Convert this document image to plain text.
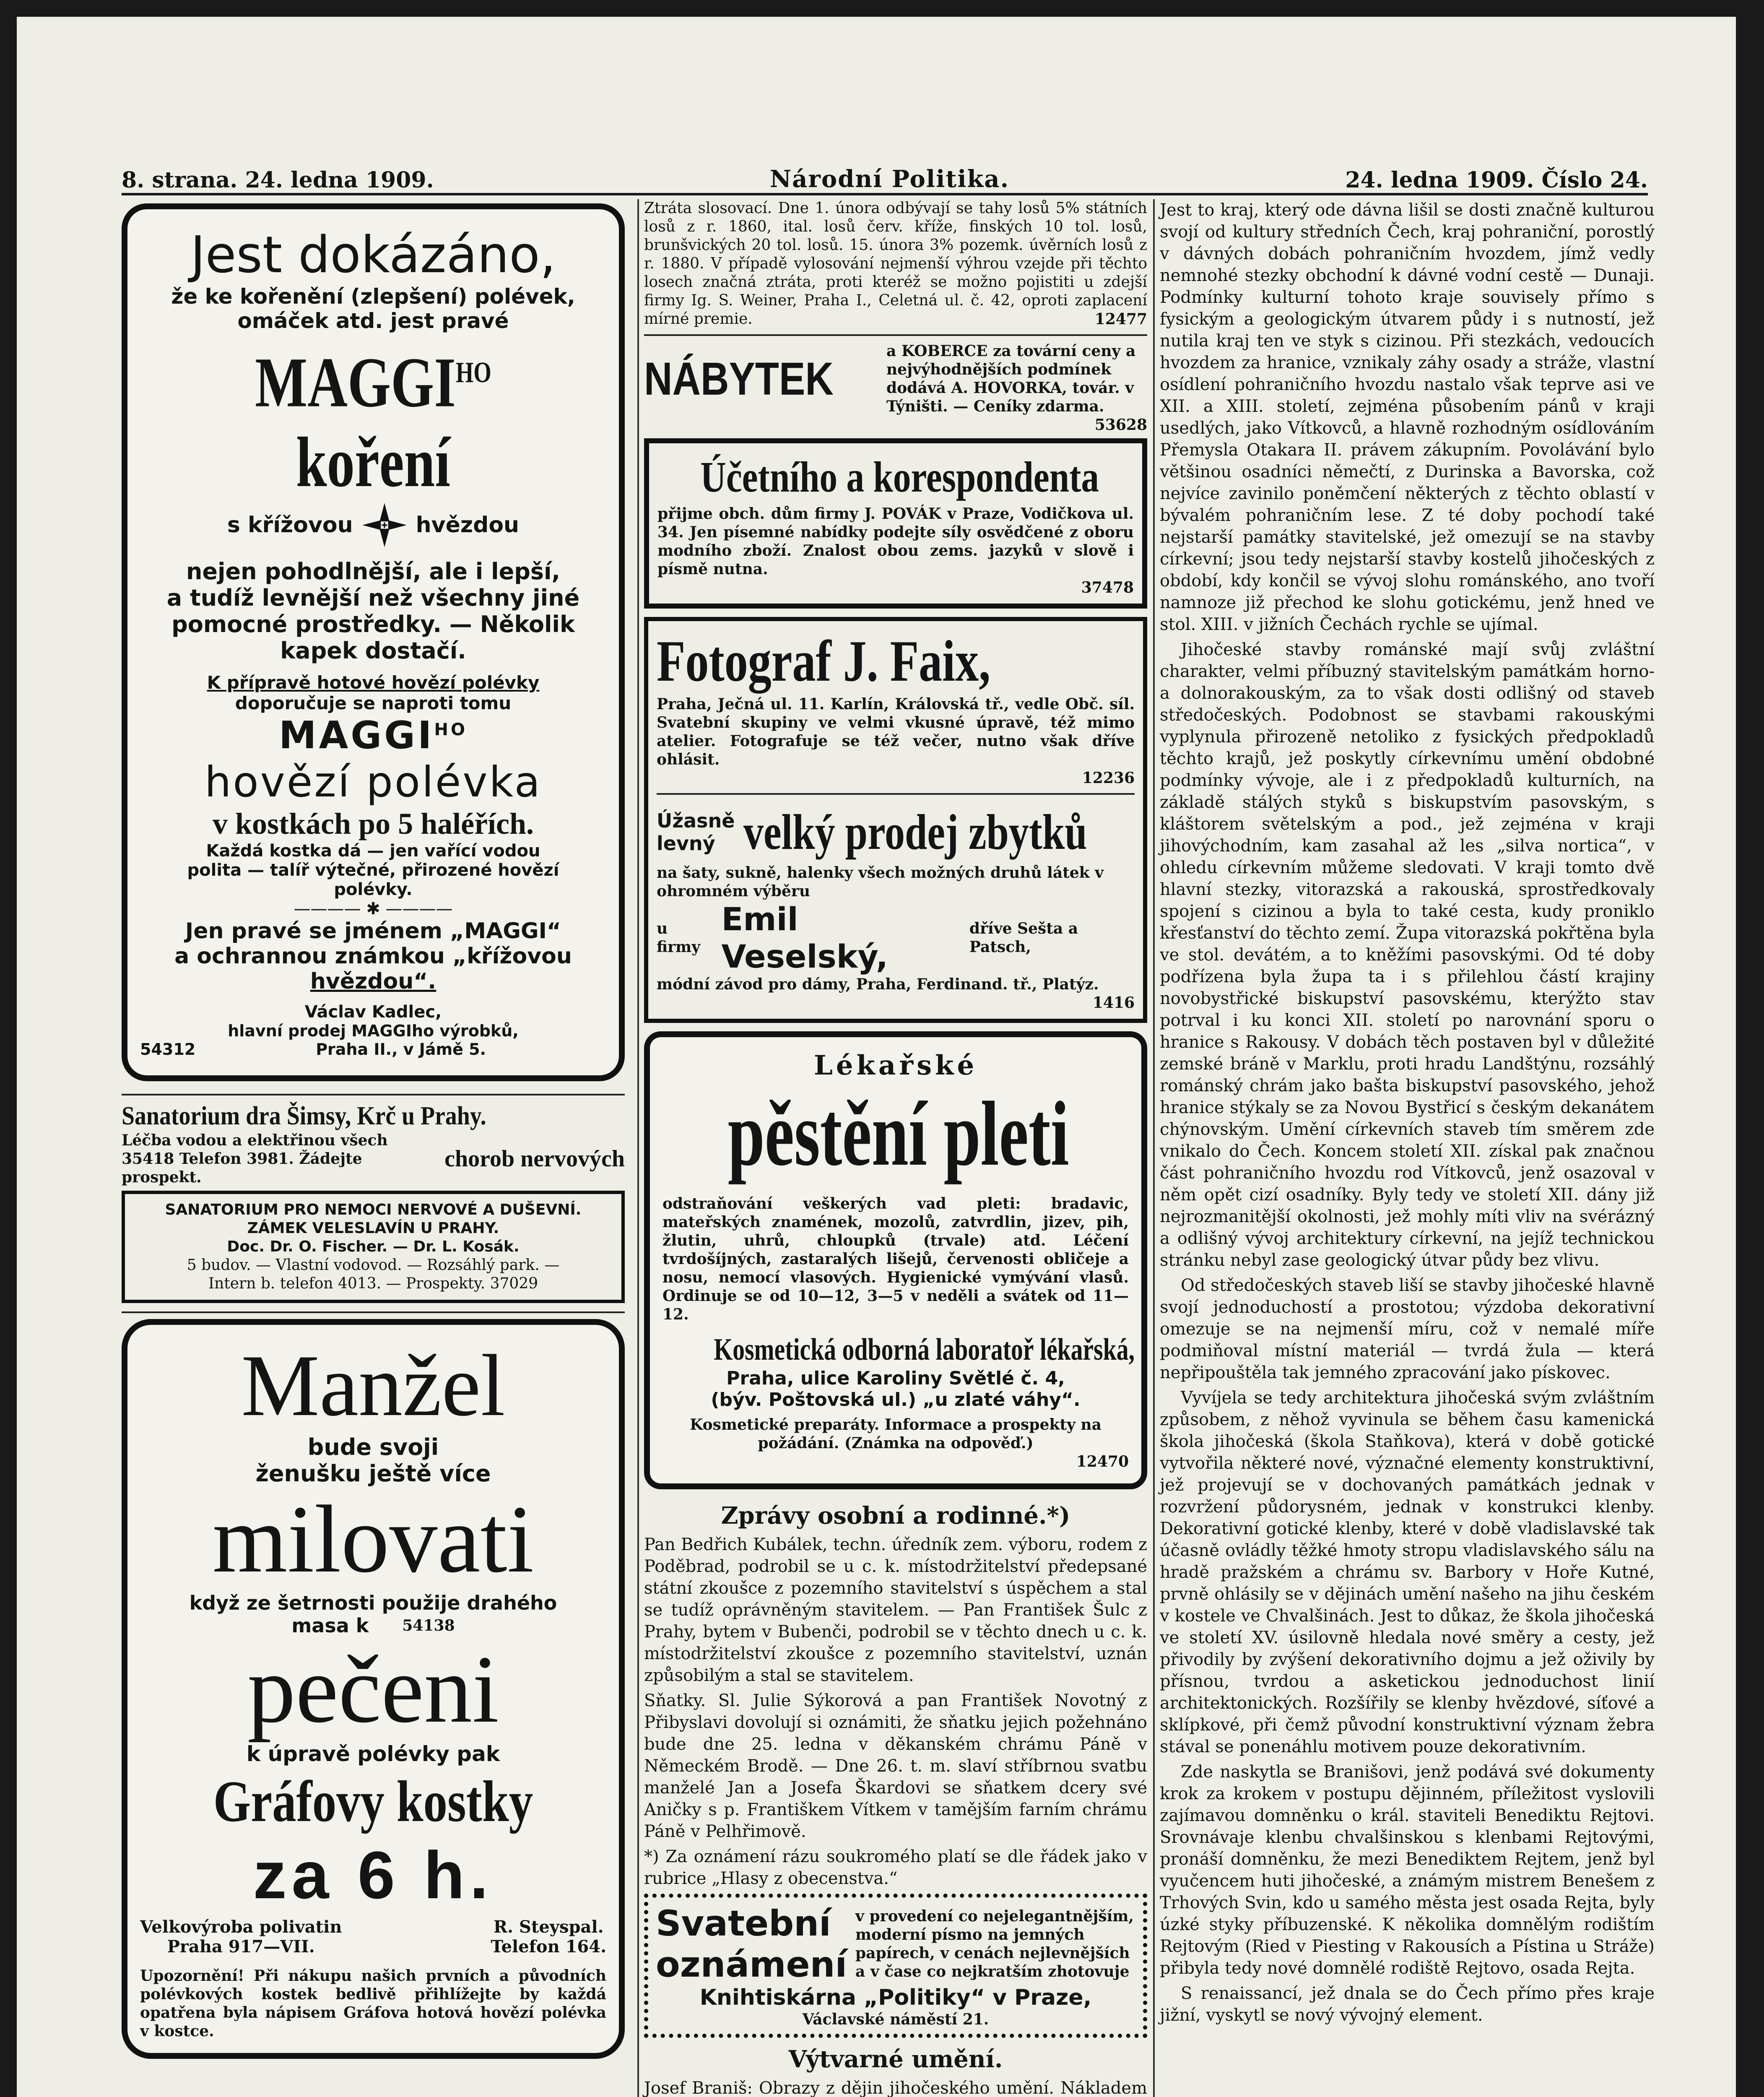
8. strana. 24. ledna 1909.	Národní Politika.	24. ledna 1909. Číslo 24.
Jest dokázáno,
že ke kořenění (zlepšení) polévek,
omáček atd. jest pravé
$MAGGI^{HO}$ koření
s křížovou	hvězdou
nejen pohodlnější, ale i lepší,
a tudíž levnější než všechny jiné
pomocné prostředky. — Několik
kapek dostačí.
K přípravě hotové hovězí polévky
doporučuje se naproti tomu
$MAGGI^{HO}$
hovězí polévka
v kostkách po 5 haléřích.
Každá kostka dá — jen vařící vodou
polita — talíř výtečné, přirozené hovězí
polévky.
———— ✱ ————
Jen pravé se jménem „MAGGI“
a ochrannou známkou „křížovou
hvězdou“.
Václav Kadlec,
hlavní prodej MAGGIho výrobků,
54312	Praha II., v Jámě 5.
Sanatorium dra Šimsy, Krč u Prahy.
Léčba vodou a elektřinou všech
35418 Telefon 3981. Žádejte prospekt.
chorob nervových
SANATORIUM PRO NEMOCI NERVOVÉ A DUŠEVNÍ. ZÁMEK VELESLAVÍN U PRAHY.
Doc. Dr. O. Fischer. — Dr. L. Kosák.
5 budov. — Vlastní vodovod. — Rozsáhlý park. —
Intern b. telefon 4013. — Prospekty. 37029
Manžel
bude svoji
ženušku ještě více
milovati
když ze šetrnosti použije drahého
masa k 54138
pečeni
k úpravě polévky pak
Gráfovy kostky
za 6 h.
Velkovýroba polivatin
Praha 917—VII.
R. Steyspal.
Telefon 164.
Upozornění! Při nákupu našich prvních a původních polévkových kostek bedlivě přihlížejte by každá opatřena byla nápisem Gráfova hotová hovězí polévka v kostce.
Ztráta slosovací. Dne 1. února odbývají se tahy losů 5% státních losů z r. 1860, ital. losů červ. kříže, finských 10 tol. losů, brunšvických 20 tol. losů. 15. února 3% pozemk. úvěrních losů z r. 1880. V případě vylosování nejmenší výhrou vzejde při těchto losech značná ztráta, proti kteréž se možno pojistiti u zdejší firmy Ig. S. Weiner, Praha I., Celetná ul. č. 42, oproti zaplacení mírné premie.	12477
NÁBYTEK
a KOBERCE za tovární ceny a nejvýhodnějších podmínek dodává A. HOVORKA, továr. v Týništi. — Ceníky zdarma.
53628
Účetního a korespondenta
přijme obch. dům firmy J. POVÁK v Praze, Vodičkova ul. 34. Jen písemné nabídky podejte síly osvědčené z oboru modního zboží. Znalost obou zems. jazyků v slově i písmě nutna.
37478
Fotograf J. Faix,
Praha, Ječná ul. 11. Karlín, Královská tř., vedle Obč. síl. Svatební skupiny ve velmi vkusné úpravě, též mimo atelier. Fotografuje se též večer, nutno však dříve ohlásit.
12236
Úžasně levný velký prodej zbytků
na šaty, sukně, halenky všech možných druhů látek v ohromném výběru
u firmy
Emil Veselský,
dříve Sešta a Patsch,
módní závod pro dámy, Praha, Ferdinand. tř., Platýz.
1416
Lékařské
pěstění pleti
odstraňování veškerých vad pleti: bradavic, mateřských znamének, mozolů, zatvrdlin, jizev, pih, žlutin, uhrů, chloupků (trvale) atd. Léčení tvrdošíjných, zastaralých lišejů, červenosti obličeje a nosu, nemocí vlasových. Hygienické vymývání vlasů. Ordinuje se od 10—12, 3—5 v neděli a svátek od 11—12.
Kosmetická odborná laboratoř lékařská,
Praha, ulice Karoliny Světlé č. 4,
(býv. Poštovská ul.) „u zlaté váhy“.
Kosmetické preparáty. Informace a prospekty na požádání. (Známka na odpověď.)
12470
Zprávy osobní a rodinné.*)
Pan Bedřich Kubálek, techn. úředník zem. výboru, rodem z Poděbrad, podrobil se u c. k. místodržitelství předepsané státní zkoušce z pozemního stavitelství s úspěchem a stal se tudíž oprávněným stavitelem. — Pan František Šulc z Prahy, bytem v Bubenči, podrobil se v těchto dnech u c. k. místodržitelství zkoušce z pozemního stavitelství, uznán způsobilým a stal se stavitelem.
Sňatky. Sl. Julie Sýkorová a pan František Novotný z Přibyslavi dovolují si oznámiti, že sňatku jejich požehnáno bude dne 25. ledna v děkanském chrámu Páně v Německém Brodě. — Dne 26. t. m. slaví stříbrnou svatbu manželé Jan a Josefa Škardovi se sňatkem dcery své Aničky s p. Františkem Vítkem v tamějším farním chrámu Páně v Pelhřimově.
*) Za oznámení rázu soukromého platí se dle řádek jako v rubrice „Hlasy z obecenstva.“
Svatební
oznámení
v provedení co nejelegantnějším, moderní písmo na jemných papírech, v cenách nejlevnějších a v čase co nejkratším zhotovuje
Knihtiskárna „Politiky“ v Praze,
Václavské náměstí 21.
Výtvarné umění.
Josef Braniš: Obrazy z dějin jihočeského umění. Nákladem
Jest to kraj, který ode dávna lišil se dosti značně kulturou svojí od kultury středních Čech, kraj pohraniční, porostlý v dávných dobách pohraničním hvozdem, jímž vedly nemnohé stezky obchodní k dávné vodní cestě — Dunaji. Podmínky kulturní tohoto kraje souvisely přímo s fysickým a geologickým útvarem půdy i s nutností, jež nutila kraj ten ve styk s cizinou. Při stezkách, vedoucích hvozdem za hranice, vznikaly záhy osady a stráže, vlastní osídlení pohraničního hvozdu nastalo však teprve asi ve XII. a XIII. století, zejména působením pánů v kraji usedlých, jako Vítkovců, a hlavně rozhodným osídlováním Přemysla Otakara II. právem zákupním. Povolávání bylo většinou osadníci němečtí, z Durinska a Bavorska, což nejvíce zavinilo poněmčení některých z těchto oblastí v bývalém pohraničním lese. Z té doby pochodí také nejstarší památky stavitelské, jež omezují se na stavby církevní; jsou tedy nejstarší stavby kostelů jihočeských z období, kdy končil se vývoj slohu románského, ano tvoří namnoze již přechod ke slohu gotickému, jenž hned ve stol. XIII. v jižních Čechách rychle se ujímal.
Jihočeské stavby románské mají svůj zvláštní charakter, velmi příbuzný stavitelským památkám horno- a dolnorakouským, za to však dosti odlišný od staveb středočeských. Podobnost se stavbami rakouskými vyplynula přirozeně netoliko z fysických předpokladů těchto krajů, jež poskytly církevnímu umění obdobné podmínky vývoje, ale i z předpokladů kulturních, na základě stálých styků s biskupstvím pasovským, s kláštorem světelským a pod., jež zejména v kraji jihovýchodním, kam zasahal až les „silva nortica“, v ohledu církevním můžeme sledovati. V kraji tomto dvě hlavní stezky, vitorazská a rakouská, sprostředkovaly spojení s cizinou a byla to také cesta, kudy proniklo křesťanství do těchto zemí. Župa vitorazská pokřtěna byla ve stol. devátém, a to kněžími pasovskými. Od té doby podřízena byla župa ta i s přilehlou částí krajiny novobystřické biskupství pasovskému, kterýžto stav potrval i ku konci XII. století po narovnání sporu o hranice s Rakousy. V dobách těch postaven byl v důležité zemské bráně v Marklu, proti hradu Landštýnu, rozsáhlý románský chrám jako bašta biskupství pasovského, jehož hranice stýkaly se za Novou Bystřicí s českým dekanátem chýnovským. Umění církevních staveb tím směrem zde vnikalo do Čech. Koncem století XII. získal pak značnou část pohraničního hvozdu rod Vítkovců, jenž osazoval v něm opět cizí osadníky. Byly tedy ve století XII. dány již nejrozmanitější okolnosti, jež mohly míti vliv na svérázný a odlišný vývoj architektury církevní, na jejíž technickou stránku nebyl zase geologický útvar půdy bez vlivu.
Od středočeských staveb liší se stavby jihočeské hlavně svojí jednoduchostí a prostotou; výzdoba dekorativní omezuje se na nejmenší míru, což v nemalé míře podmiňoval místní materiál — tvrdá žula — která nepřipouštěla tak jemného zpracování jako pískovec.
Vyvíjela se tedy architektura jihočeská svým zvláštním způsobem, z něhož vyvinula se během času kamenická škola jihočeská (škola Staňkova), která v době gotické vytvořila některé nové, význačné elementy konstruktivní, jež projevují se v dochovaných památkách jednak v rozvržení půdorysném, jednak v konstrukci klenby. Dekorativní gotické klenby, které v době vladislavské tak účasně ovládly těžké hmoty stropu vladislavského sálu na hradě pražském a chrámu sv. Barbory v Hoře Kutné, prvně ohlásily se v dějinách umění našeho na jihu českém v kostele ve Chvalšinách. Jest to důkaz, že škola jihočeská ve století XV. úsilovně hledala nové směry a cesty, jež přivodily by zvýšení dekorativního dojmu a jež oživily by přísnou, tvrdou a asketickou jednoduchost linií architektonických. Rozšířily se klenby hvězdové, síťové a sklípkové, při čemž původní konstruktivní význam žebra stával se ponenáhlu motivem pouze dekorativním.
Zde naskytla se Branišovi, jenž podává své dokumenty krok za krokem v postupu dějinném, příležitost vyslovili zajímavou domněnku o král. staviteli Benediktu Rejtovi. Srovnávaje klenbu chvalšinskou s klenbami Rejtovými, pronáší domněnku, že mezi Benediktem Rejtem, jenž byl vyučencem huti jihočeské, a známým mistrem Benešem z Trhových Svin, kdo u samého města jest osada Rejta, byly úzké styky příbuzenské. K několika domnělým rodištím Rejtovým (Ried v Piesting v Rakousích a Pístina u Stráže) přibyla tedy nové domnělé rodiště Rejtovo, osada Rejta.
S renaissancí, jež dnala se do Čech přímo přes kraje jižní, vyskytl se nový vývojný element.
